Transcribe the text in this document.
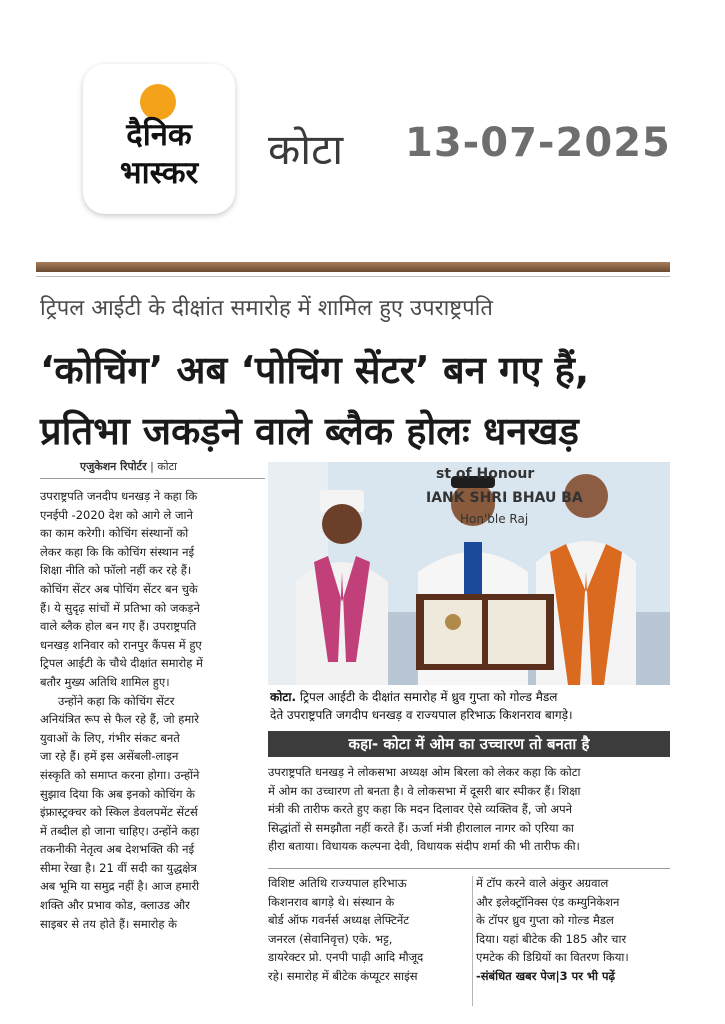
दैनिक
भास्कर	कोटा 13-07-2025
ट्रिपल आईटी के दीक्षांत समारोह में शामिल हुए उपराष्ट्रपति
‘कोचिंग’ अब ‘पोचिंग सेंटर’ बन गए हैं,
प्रतिभा जकड़ने वाले ब्लैक होलः धनखड़
एजुकेशन रिपोर्टर | कोटा

उपराष्ट्रपति जनदीप धनखड़ ने कहा कि
एनईपी -2020 देश को आगे ले जाने
का काम करेगी। कोचिंग संस्थानों को
लेकर कहा कि कि कोचिंग संस्थान नई
शिक्षा नीति को फॉलो नहीं कर रहे हैं।
कोचिंग सेंटर अब पोचिंग सेंटर बन चुके
हैं। ये सुदृढ़ सांचों में प्रतिभा को जकड़ने
वाले ब्लैक होल बन गए हैं। उपराष्ट्रपति
धनखड़ शनिवार को रानपुर कैंपस में हुए
ट्रिपल आईटी के चौथे दीक्षांत समारोह में
बतौर मुख्य अतिथि शामिल हुए।

उन्होंने कहा कि कोचिंग सेंटर
अनियंत्रित रूप से फैल रहे हैं, जो हमारे
युवाओं के लिए, गंभीर संकट बनते
जा रहे हैं। हमें इस असेंबली-लाइन
संस्कृति को समाप्त करना होगा। उन्होंने
सुझाव दिया कि अब इनको कोचिंग के
इंफ्रास्ट्रक्चर को स्किल डेवलपमेंट सेंटर्स
में तब्दील हो जाना चाहिए। उन्होंने कहा
तकनीकी नेतृत्व अब देशभक्ति की नई
सीमा रेखा है। 21 वीं सदी का युद्धक्षेत्र
अब भूमि या समुद्र नहीं है। आज हमारी
शक्ति और प्रभाव कोड, क्लाउड और
साइबर से तय होते हैं। समारोह के

st of Honour
IANK SHRI BHAU BA
Hon'ble Raj
कोटा. ट्रिपल आईटी के दीक्षांत समारोह में ध्रुव गुप्ता को गोल्ड मैडल
देते उपराष्ट्रपति जगदीप धनखड़ व राज्यपाल हरिभाऊ किशनराव बागड़े।
कहा- कोटा में ओम का उच्चारण तो बनता है
उपराष्ट्रपति धनखड़ ने लोकसभा अध्यक्ष ओम बिरला को लेकर कहा कि कोटा
में ओम का उच्चारण तो बनता है। वे लोकसभा में दूसरी बार स्पीकर हैं। शिक्षा
मंत्री की तारीफ करते हुए कहा कि मदन दिलावर ऐसे व्यक्तिव हैं, जो अपने
सिद्धांतों से समझौता नहीं करते हैं। ऊर्जा मंत्री हीरालाल नागर को एरिया का
हीरा बताया। विधायक कल्पना देवी, विधायक संदीप शर्मा की भी तारीफ की।
विशिष्ट अतिथि राज्यपाल हरिभाऊ
किशनराव बागड़े थे। संस्थान के
बोर्ड ऑफ गवर्नर्स अध्यक्ष लेफ्टिनेंट
जनरल (सेवानिवृत्त) एके. भट्ट,
डायरेक्टर प्रो. एनपी पाढ़ी आदि मौजूद
रहे। समारोह में बीटेक कंप्यूटर साइंस
में टॉप करने वाले अंकुर अग्रवाल
और इलेक्ट्रॉनिक्स एंड कम्युनिकेशन
के टॉपर ध्रुव गुप्ता को गोल्ड मैडल
दिया। यहां बीटेक की 185 और चार
एमटेक की डिग्रियों का वितरण किया।
-संबंधित खबर पेज|3 पर भी पढ़ें
